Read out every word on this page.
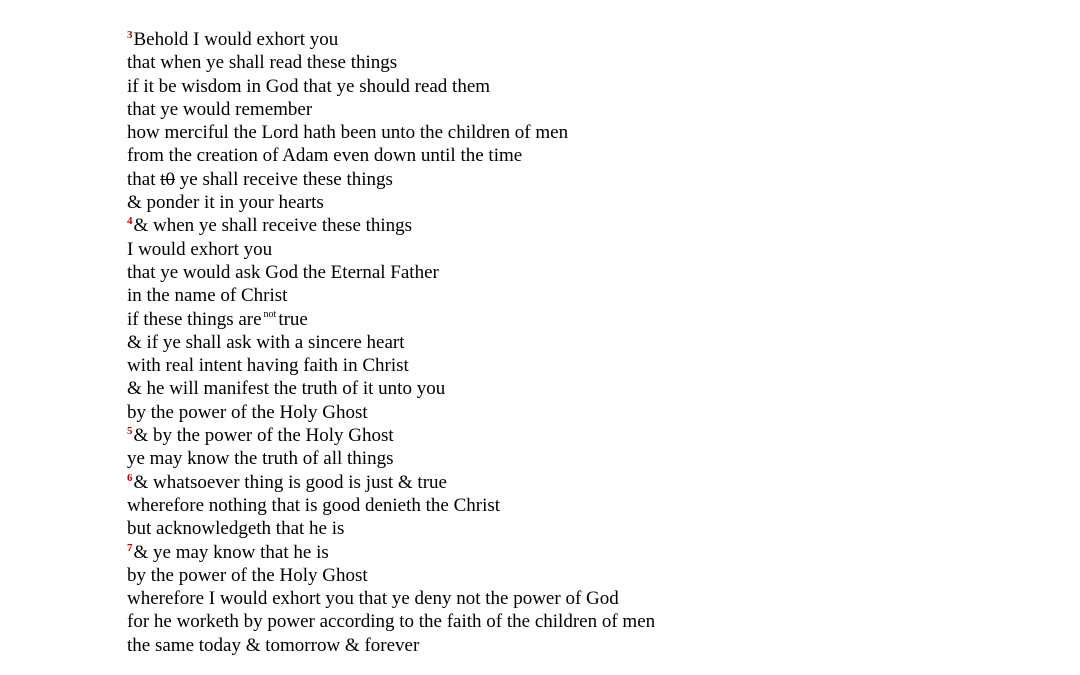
$^3$Behold I would exhort you
that when ye shall read these things
if it be wisdom in God that ye should read them
that ye would remember
how merciful the Lord hath been unto the children of men
from the creation of Adam even down until the time
that t0 ye shall receive these things
& ponder it in your hearts
$^4$& when ye shall receive these things
I would exhort you
that ye would ask God the Eternal Father
in the name of Christ
if these things are $^{not}$ true
& if ye shall ask with a sincere heart
with real intent having faith in Christ
& he will manifest the truth of it unto you
by the power of the Holy Ghost
$^5$& by the power of the Holy Ghost
ye may know the truth of all things
$^6$& whatsoever thing is good is just & true
wherefore nothing that is good denieth the Christ
but acknowledgeth that he is
$^7$& ye may know that he is
by the power of the Holy Ghost
wherefore I would exhort you that ye deny not the power of God
for he worketh by power according to the faith of the children of men
the same today & tomorrow & forever
